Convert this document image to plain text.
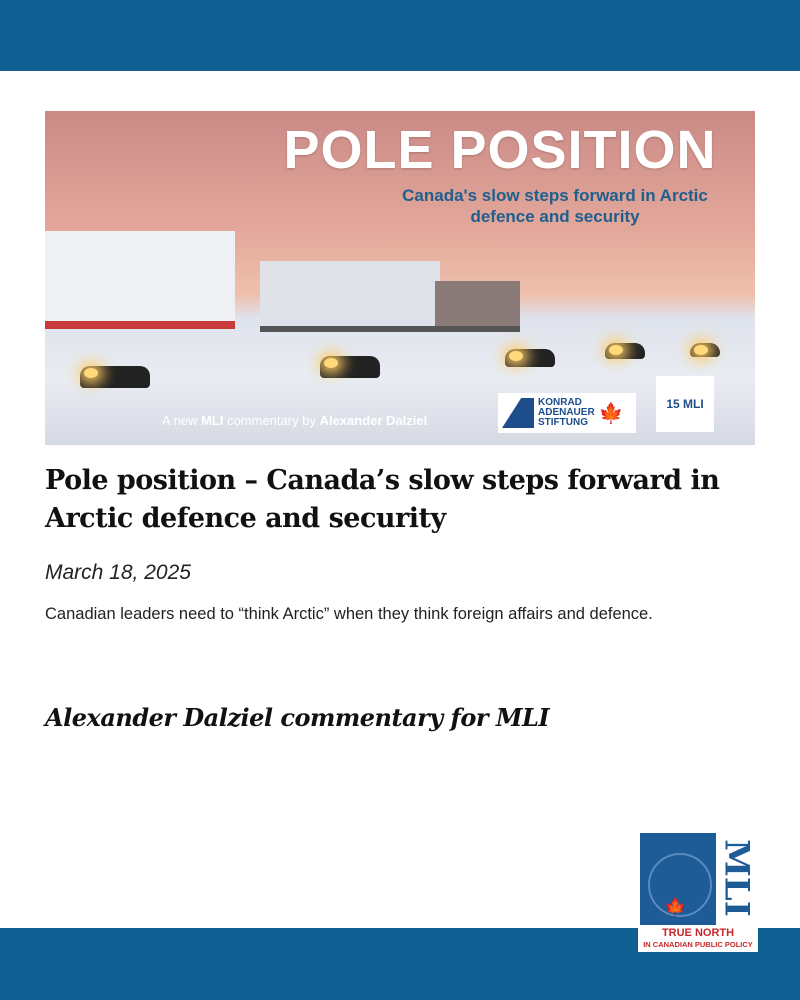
POLE POSITION
Canada's slow steps forward in Arctic defence and security
A new MLI commentary by Alexander Dalziel
KONRAD
ADENAUER
STIFTUNG 🍁	15 MLI
Pole position – Canada’s slow steps forward in Arctic defence and security
March 18, 2025
Canadian leaders need to “think Arctic” when they think foreign affairs and defence.
Alexander Dalziel commentary for MLI
🍁 MLI
TRUE NORTH
IN CANADIAN PUBLIC POLICY
